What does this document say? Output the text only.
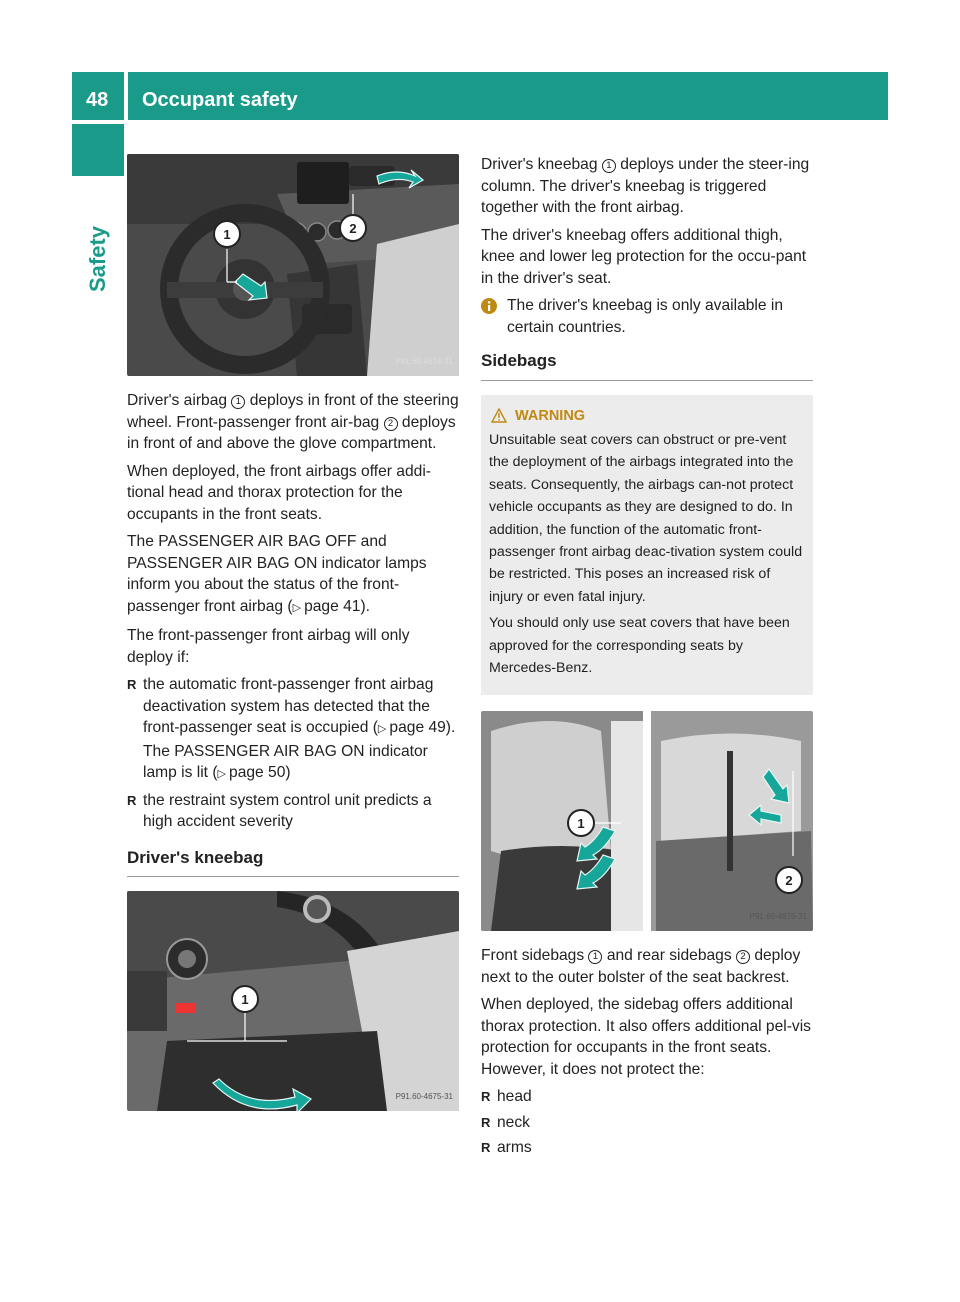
48 Occupant safety
Safety	1	2
P91.60-4674-31

Driver's airbag 1 deploys in front of the steering wheel. Front-passenger front air-bag 2 deploys in front of and above the glove compartment.

When deployed, the front airbags offer addi-tional head and thorax protection for the occupants in the front seats.

The PASSENGER AIR BAG OFF and PASSENGER AIR BAG ON indicator lamps inform you about the status of the front-passenger front airbag (▷ page 41).

The front-passenger front airbag will only deploy if:

R the automatic front-passenger front airbag deactivation system has detected that the front-passenger seat is occupied (▷ page 49). The PASSENGER AIR BAG ON indicator lamp is lit (▷ page 50)
R the restraint system control unit predicts a high accident severity
Driver's kneebag
1
P91.60-4675-31

Driver's kneebag 1 deploys under the steer-ing column. The driver's kneebag is triggered together with the front airbag.

The driver's kneebag offers additional thigh, knee and lower leg protection for the occu-pant in the driver's seat.

The driver's kneebag is only available in certain countries.
Sidebags
WARNING

Unsuitable seat covers can obstruct or pre-vent the deployment of the airbags integrated into the seats. Consequently, the airbags can-not protect vehicle occupants as they are designed to do. In addition, the function of the automatic front-passenger front airbag deac-tivation system could be restricted. This poses an increased risk of injury or even fatal injury.

You should only use seat covers that have been approved for the corresponding seats by Mercedes-Benz.

1
2
P91.60-4676-31

Front sidebags 1 and rear sidebags 2 deploy next to the outer bolster of the seat backrest.

When deployed, the sidebag offers additional thorax protection. It also offers additional pel-vis protection for occupants in the front seats. However, it does not protect the:

R head
R neck
R arms
